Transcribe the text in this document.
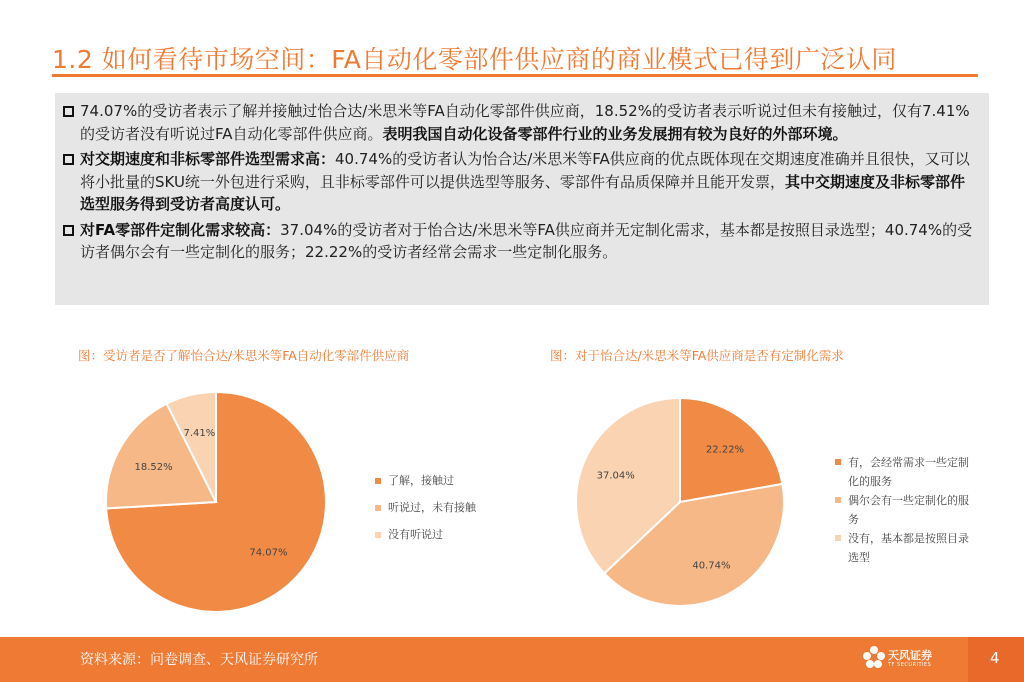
1.2 如何看待市场空间：FA自动化零部件供应商的商业模式已得到广泛认同
74.07%的受访者表示了解并接触过怡合达/米思米等FA自动化零部件供应商，18.52%的受访者表示听说过但未有接触过，仅有7.41%的受访者没有听说过FA自动化零部件供应商。表明我国自动化设备零部件行业的业务发展拥有较为良好的外部环境。
对交期速度和非标零部件选型需求高：40.74%的受访者认为怡合达/米思米等FA供应商的优点既体现在交期速度准确并且很快，又可以将小批量的SKU统一外包进行采购，且非标零部件可以提供选型等服务、零部件有品质保障并且能开发票，其中交期速度及非标零部件选型服务得到受访者高度认可。
对FA零部件定制化需求较高：37.04%的受访者对于怡合达/米思米等FA供应商并无定制化需求，基本都是按照目录选型；40.74%的受访者偶尔会有一些定制化的服务；22.22%的受访者经常会需求一些定制化服务。
图：受访者是否了解怡合达/米思米等FA自动化零部件供应商
74.07%
18.52%
7.41%
了解，接触过
听说过，未有接触
没有听说过
图：对于怡合达/米思米等FA供应商是否有定制化需求
22.22%
40.74%
37.04%
有，会经常需求一些定制化的服务
偶尔会有一些定制化的服务
没有，基本都是按照目录选型
资料来源：问卷调查、天风证券研究所	天风证券
TF SECURITIES	4
